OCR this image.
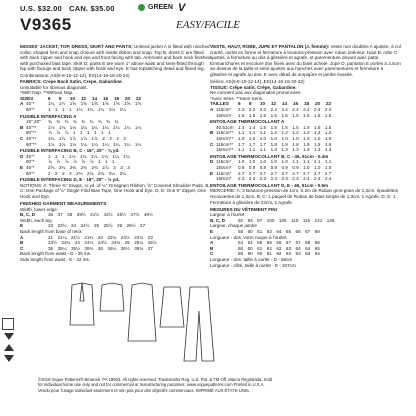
U.S. $32.00 CAN. $35.00	GREEN V
V9365	EASY/FACILE
MISSES' JACKET, TOP, DRESS, SKIRT AND PANTS: Unlined jacket A is fitted with notched collar, shaped hem and snap closure with inside ribbon and snap. Top B, dress C are fitted with back zipper and hook and eye and front facing with tab. Armholes and back neck finished with purchased bias tape. Skirt D, pants E are worn 1" above waist and semi-fitted through hip with facings and back zipper with hook and eye. E has topstitching detail and flared leg.
Combinations: AS(6-8-10-12-14), ES(14-16-18-20-22)
FABRICS: Crepe Back Satin, Crepe, Gabardine.
Unsuitable for obvious diagonals.
*With Nap. **Without Nap.
SIZES	6	8	10	12	14	16	18	20	22
A 45"*	1¼ 1½ 1⅝ 1⅝ 1⅝ 1⅝ 1⅝ 1⅝ 1⅝
60"*	1 1 1 1 1¼ 1¼ 1¼ 1¼ 1¼
FUSIBLE INTERFACING A
18",20"	¾ ¾ ¾ ¾ ¾ ¾ ¾ ¾ ¾
B 45"**	1⅛ 1⅛ 1⅛ 1¼ 1¼ 1¼ 1¼ 1¼ 1¼
60"**	⅞ ⅞ ⅞ 1 1 1 1 1 1
C 45"**	1¾ 1⅞ 1⅞ 1⅞ 1⅞ 2 2 2 2
60"**	1⅛ 1⅛ 1⅛ 1⅛ 1¼ 1¼ 1¼ 1¼ 1¼
FUSIBLE INTERFACING B, C - 18", 20" - ⅜ yd.
D 45"*	1 1 1 1⅛ 1⅛ 1⅛ 1⅛ 1¼ 1¼
60"*	⅞ ⅞ ⅞ ⅞ ⅞ ⅞ 1 1 1
E 45"*	2⅝ 2¾ 2¾ 2¾ 2¾ 2⅞ 3 3 3
60"*	2 2 2 2 2⅛ 2⅛ 2⅛ 2¼ 2¼
FUSIBLE INTERFACING D, E - 18", 20" - ½ yd.
NOTIONS: A: Three ⅜" Snaps, ⅛ yd. of ¼" Grosgrain Ribbon, ⅝" Covered Shoulder Pads. B, C: One Package of ½" Single Fold Bias Tape, One Hook and Eye. D, E: One 9" Zipper, One Hook and Eye.
FINISHED GARMENT MEASUREMENTS
Width, lower edge
B, C, D	36 37 38 39½ 41½ 43½ 45½ 47½ 49½
Width, each leg
E	23 23½ 24 24½ 25 25½ 26 26½ 27
Back length from base of neck
A	21 21¼ 21½ 21¾ 22 22¼ 22½ 22¾ 23
B	23½ 23¾ 24 24¼ 24½ 24¾ 25 25¼ 25½
C	35 35¼ 35½ 35¾ 36 36¼ 36½ 36¾ 37
Back length from waist - D - 26 ins.
Side length from waist - E - 42 ins.
VESTE, HAUT, ROBE, JUPE ET PANTALON (J. femme): Veste non doublée A ajustée, à col cranté, ourlet en forme et fermeture à boutons-pression avec ruban intérieur. Haut B, robe C ajustés, à fermeture au dos à glissière et agrafe, et parementure devant avec patte. Emmanchures et encolure dos finies avec du biais acheté. Jupe D, pantalon E portés à 2,5cm au-dessus de la taille et semi-ajustés aux hanches avec parementures et fermeture à glissière et agrafe au dos. E avec détail de surpiqûre et jambe évasée.
Séries: AS(6-8-10-12-14), ES(14-16-18-20-22)
TISSUS: Crêpe satin, Crêpe, Gabardine.
Ne convient pas aux diagonales prononcées.
*Avec Sens. **Sans Sens.
TAILLES	6	8	10	12	14	16	18	20	22
A 115cm*	2.3 2.3 2.3 2.4 2.4 2.4 2.4 2.4 2.4
150cm*	1.5 1.5 1.5 1.5 1.5 1.5 1.5 1.5 1.5
ENTOILAGE THERMOCOLLANT A
46,51cm 1.4 1.4 1.5 1.5 1.5 1.5 1.5 1.5 1.5
B 115cm**	1.1 1.1 1.1 1.2 1.2 1.2 1.2 1.2 1.2
150cm**	1.0 1.0 1.0 1.0 1.0 1.0 1.0 1.0 1.0
C 115cm**	1.7 1.7 1.7 1.8 1.8 1.8 1.9 1.9 1.9
150cm**	1.1 1.1 1.1 1.3 1.3 1.3 1.3 1.3 1.3
ENTOILAGE THERMOCOLLANT B, C - 46, 51cm - 0.4m
D 115cm*	1.0 1.0 1.0 1.0 1.0 1.1 1.1 1.1 1.1
150cm*	0.9 0.9 0.9 0.9 0.9 0.9 1.0 1.0 1.0
E 115cm*	2.7 2.7 2.7 2.7 2.7 2.7 2.7 2.7 2.7
150cm*	2.3 2.3 2.3 2.3 2.3 2.4 2.4 2.4 2.4
ENTOILAGE THERMOCOLLANT D, E - 46, 51cm - 0.5m
MERCERIE: A: 3 Boutons-pression de 1cm, 0,2m de Ruban gros-grain de 1,3cm, épaulettes recouvertes de 1,3cm. B, C: 1 paquet de Ruban de biais simple de 1,3cm, 1 Agrafe. D, E: 1 Fermeture à glissière de 23cm, 1 Agrafe.
MESURES DU VÊTEMENT FINI
Largeur à l'ourlet
B, C, D	92 94 97 100 105 110 116 121 126
Largeur, chaque jambe
E	58 60 61 62 64 65 66 67 69
Longueur - dos, votre nuque à l'ourlet
A	54 54 55 55 56 57 57 58 58
B	60 60 61 62 62 63 64 64 65
C	89 90 90 91 92 92 93 93 94
Longueur - dos, taille à ourlet - D - 66cm
Longueur - côté, taille à ourlet - E - 107cm
©2019 Vogue Patterns® Beranek, PA 18603. All rights reserved. Trademarks Reg. U.S. Pat. & TM Off. Marca Registrada. Sold
for individual home use only and not for commercial or manufacturing purposes. www.voguepatterns.com Printed in U.S.A.
Vendu pour l'usage individuel seulement et non pas pour des objectifs commerciaux. IMPRIMÉ AUX ÉTATS-UNIS.
